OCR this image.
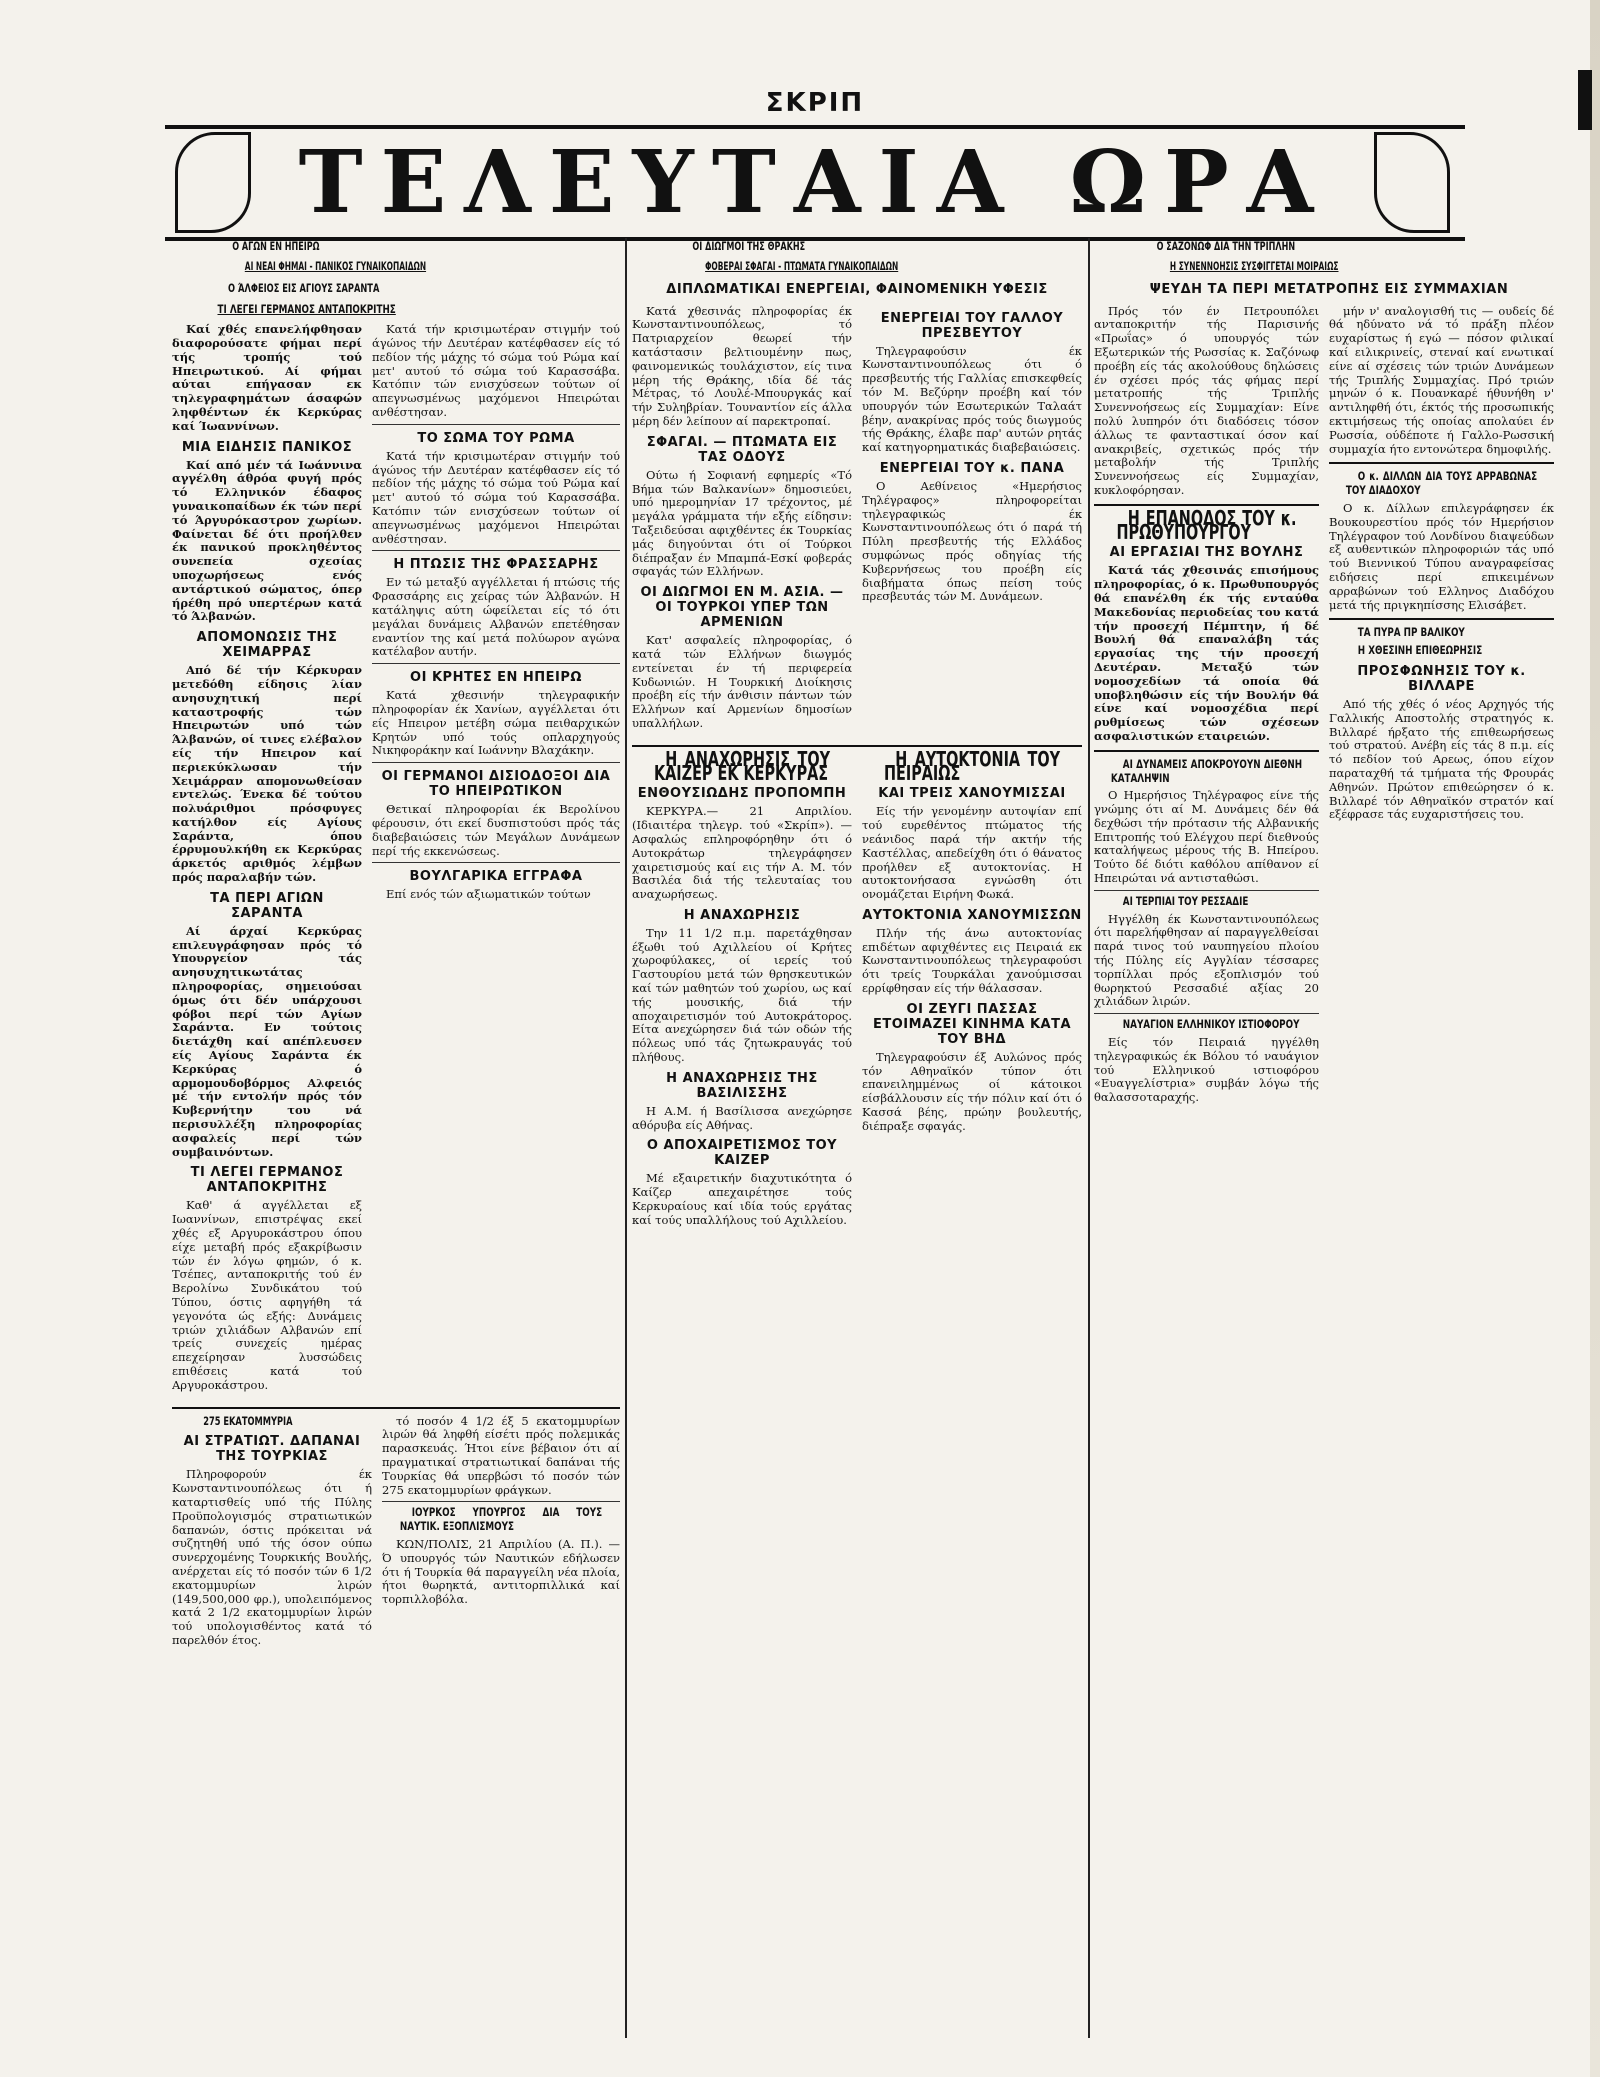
ΣΚΡΙΠ
ΤΕΛΕΥΤΑΙΑ ΩΡΑ

Ο ΑΓΩΝ ΕΝ ΗΠΕΙΡΩ

ΑΙ ΝΕΑΙ ΦΗΜΑΙ - ΠΑΝΙΚΟΣ ΓΥΝΑΙΚΟΠΑΙΔΩΝ

Ο ΆΛΦΕΙΟΣ ΕΙΣ ΑΓΙΟΥΣ ΣΑΡΑΝΤΑ

ΤΙ ΛΕΓΕΙ ΓΕΡΜΑΝΟΣ ΑΝΤΑΠΟΚΡΙΤΗΣ

Καί χθές επανελήφθησαν διαφορούσατε φήμαι περί τής τροπής τού Ηπειρωτικού. Αί φήμαι αύται επήγασαν εκ τηλεγραφημάτων άσαφών ληφθέντων έκ Κερκύρας καί Ίωαννίνων.

ΜΙΑ ΕΙΔΗΣΙΣ ΠΑΝΙΚΟΣ

Καί από μέν τά Ιωάννινα αγγέλθη άθρόα φυγή πρός τό Ελληνικόν έδαφος γυναικοπαίδων έκ τών περί τό Άργυρόκαστρον χωρίων. Φαίνεται δέ ότι προήλθεν έκ πανικού προκληθέντος συνεπεία σχεσίας υποχωρήσεως ενός αντάρτικού σώματος, όπερ ήρέθη πρό υπερτέρων κατά τό Άλβανών.

ΑΠΟΜΟΝΩΣΙΣ ΤΗΣ ΧΕΙΜΑΡΡΑΣ

Από δέ τήν Κέρκυραν μετεδόθη είδησις λίαν ανησυχητική περί καταστροφής τών Ηπειρωτών υπό τών Άλβανών, οί τινες ελέβαλον είς τήν Ηπειρον καί περιεκύκλωσαν τήν Χειμάρραν απομονωθείσαν εντελώς. Ένεκα δέ τούτου πολυάριθμοι πρόσφυγες κατήλθον είς Αγίους Σαράντα, όπου έρρυμουλκήθη εκ Κερκύρας άρκετός αριθμός λέμβων πρός παραλαβήν τών.

ΤΑ ΠΕΡΙ ΑΓΙΩΝ ΣΑΡΑΝΤΑ

Αί άρχαί Κερκύρας επιλευγράφησαν πρός τό Υπουργείον τάς ανησυχητικωτάτας πληροφορίας, σημειούσαι όμως ότι δέν υπάρχουσι φόβοι περί τών Αγίων Σαράντα. Εν τούτοις διετάχθη καί απέπλευσεν είς Αγίους Σαράντα έκ Κερκύρας ό αρμομουδοβόρμος Αλφειός μέ τήν εντολήν πρός τόν Κυβερνήτην του νά περισυλλέξη πληροφορίας ασφαλείς περί τών συμβαινόντων.

ΤΙ ΛΕΓΕΙ ΓΕΡΜΑΝΟΣ ΑΝΤΑΠΟΚΡΙΤΗΣ

Καθ' ά αγγέλλεται εξ Ιωαννίνων, επιστρέψας εκεί χθές εξ Αργυροκάστρου όπου είχε μεταβή πρός εξακρίβωσιν τών έν λόγω φημών, ό κ. Τσέπες, ανταποκριτής τού έν Βερολίνω Συνδικάτου τού Τύπου, όστις αφηγήθη τά γεγονότα ώς εξής: Δυνάμεις τριών χιλιάδων Αλβανών επί τρείς συνεχείς ημέρας επεχείρησαν λυσσώδεις επιθέσεις κατά τού Αργυροκάστρου.

Κατά τήν κρισιμωτέραν στιγμήν τού άγώνος τήν Δευτέραν κατέφθασεν είς τό πεδίον τής μάχης τό σώμα τού Ρώμα καί μετ' αυτού τό σώμα τού Καρασσάβα. Κατόπιν τών ενισχύσεων τούτων οί απεγνωσμένως μαχόμενοι Ηπειρώται ανθέστησαν.

ΤΟ ΣΩΜΑ ΤΟΥ ΡΩΜΑ

Κατά τήν κρισιμωτέραν στιγμήν τού άγώνος τήν Δευτέραν κατέφθασεν είς τό πεδίον τής μάχης τό σώμα τού Ρώμα καί μετ' αυτού τό σώμα τού Καρασσάβα. Κατόπιν τών ενισχύσεων τούτων οί απεγνωσμένως μαχόμενοι Ηπειρώται ανθέστησαν.

Η ΠΤΩΣΙΣ ΤΗΣ ΦΡΑΣΣΑΡΗΣ

Εν τώ μεταξύ αγγέλλεται ή πτώσις τής Φρασσάρης εις χείρας τών Άλβανών. Η κατάληψις αύτη ώφείλεται είς τό ότι μεγάλαι δυνάμεις Αλβανών επετέθησαν εναντίον της καί μετά πολύωρον αγώνα κατέλαβον αυτήν.

ΟΙ ΚΡΗΤΕΣ ΕΝ ΗΠΕΙΡΩ

Κατά χθεσινήν τηλεγραφικήν πληροφορίαν έκ Χανίων, αγγέλλεται ότι είς Ηπειρον μετέβη σώμα πειθαρχικών Κρητών υπό τούς οπλαρχηγούς Νικηφοράκην καί Ιωάννην Βλαχάκην.

ΟΙ ΓΕΡΜΑΝΟΙ ΔΙΣΙΟΔΟΞΟΙ ΔΙΑ ΤΟ ΗΠΕΙΡΩΤΙΚΟΝ

Θετικαί πληροφορίαι έκ Βερολίνου φέρουσιν, ότι εκεί δυσπιστούσι πρός τάς διαβεβαιώσεις τών Μεγάλων Δυνάμεων περί τής εκκενώσεως.

ΒΟΥΛΓΑΡΙΚΑ ΕΓΓΡΑΦΑ

Επί ενός τών αξιωματικών τούτων

275 ΕΚΑΤΟΜΜΥΡΙΑ

ΑΙ ΣΤΡΑΤΙΩΤ. ΔΑΠΑΝΑΙ ΤΗΣ ΤΟΥΡΚΙΑΣ

Πληροφορούν έκ Κωνσταντινουπόλεως ότι ή καταρτισθείς υπό τής Πύλης Προϋπολογισμός στρατιωτικών δαπανών, όστις πρόκειται νά συζητηθή υπό τής όσον ούπω συνερχομένης Τουρκικής Βουλής, ανέρχεται είς τό ποσόν τών 6 1/2 εκατομμυρίων λιρών (149,500,000 φρ.), υπολειπόμενος κατά 2 1/2 εκατομμυρίων λιρών τού υπολογισθέντος κατά τό παρελθόν έτος.

τό ποσόν 4 1/2 έξ 5 εκατομμυρίων λιρών θά ληφθή είσέτι πρός πολεμικάς παρασκευάς. Ήτοι είνε βέβαιον ότι αί πραγματικαί στρατιωτικαί δαπάναι τής Τουρκίας θά υπερβώσι τό ποσόν τών 275 εκατομμυρίων φράγκων.

ΙΟΥΡΚΟΣ ΥΠΟΥΡΓΟΣ ΔΙΑ ΤΟΥΣ ΝΑΥΤΙΚ. ΕΞΟΠΛΙΣΜΟΥΣ

ΚΩΝ/ΠΟΛΙΣ, 21 Απριλίου (Α. Π.). — Ό υπουργός τών Ναυτικών εδήλωσεν ότι ή Τουρκία θά παραγγείλη νέα πλοία, ήτοι θωρηκτά, αντιτορπιλλικά καί τορπιλλοβόλα.

ΟΙ ΔΙΩΓΜΟΙ ΤΗΣ ΘΡΑΚΗΣ

ΦΟΒΕΡΑΙ ΣΦΑΓΑΙ - ΠΤΩΜΑΤΑ ΓΥΝΑΙΚΟΠΑΙΔΩΝ

ΔΙΠΛΩΜΑΤΙΚΑΙ ΕΝΕΡΓΕΙΑΙ, ΦΑΙΝΟΜΕΝΙΚΗ ΥΦΕΣΙΣ

Κατά χθεσινάς πληροφορίας έκ Κωνσταντινουπόλεως, τό Πατριαρχείον θεωρεί τήν κατάστασιν βελτιουμένην πως, φαινομενικώς τουλάχιστον, είς τινα μέρη τής Θράκης, ιδία δέ τάς Μέτρας, τό Λουλέ-Μπουργκάς καί τήν Συληβρίαν. Τουναντίον είς άλλα μέρη δέν λείπουν αί παρεκτροπαί.

ΣΦΑΓΑΙ. — ΠΤΩΜΑΤΑ ΕΙΣ ΤΑΣ ΟΔΟΥΣ

Ούτω ή Σοφιανή εφημερίς «Τό Βήμα τών Βαλκανίων» δημοσιεύει, υπό ημερομηνίαν 17 τρέχοντος, μέ μεγάλα γράμματα τήν εξής είδησιν: Ταξειδεύσαι αφιχθέντες έκ Τουρκίας μάς διηγούνται ότι οί Τούρκοι διέπραξαν έν Μπαμπά-Εσκί φοβεράς σφαγάς τών Ελλήνων.

ΟΙ ΔΙΩΓΜΟΙ ΕΝ Μ. ΑΣΙΑ. — ΟΙ ΤΟΥΡΚΟΙ ΥΠΕΡ ΤΩΝ ΑΡΜΕΝΙΩΝ

Κατ' ασφαλείς πληροφορίας, ό κατά τών Ελλήνων διωγμός εντείνεται έν τή περιφερεία Κυδωνιών. Η Τουρκική Διοίκησις προέβη είς τήν άνθισιν πάντων τών Ελλήνων καί Αρμενίων δημοσίων υπαλλήλων.

ΕΝΕΡΓΕΙΑΙ ΤΟΥ ΓΑΛΛΟΥ ΠΡΕΣΒΕΥΤΟΥ

Τηλεγραφούσιν έκ Κωνσταντινουπόλεως ότι ό πρεσβευτής τής Γαλλίας επισκεφθείς τόν Μ. Βεζύρην προέβη καί τόν υπουργόν τών Εσωτερικών Ταλαάτ βέην, ανακρίνας πρός τούς διωγμούς τής Θράκης, έλαβε παρ' αυτών ρητάς καί κατηγορηματικάς διαβεβαιώσεις.

ΕΝΕΡΓΕΙΑΙ ΤΟΥ κ. ΠΑΝΑ

Ο Αεθίνειος «Ημερήσιος Τηλέγραφος» πληροφορείται τηλεγραφικώς έκ Κωνσταντινουπόλεως ότι ό παρά τή Πύλη πρεσβευτής τής Ελλάδος συμφώνως πρός οδηγίας τής Κυβερνήσεως του προέβη είς διαβήματα όπως πείση τούς πρεσβευτάς τών Μ. Δυνάμεων.

Η ΑΝΑΧΩΡΗΣΙΣ ΤΟΥ ΚΑΙΖΕΡ ΕΚ ΚΕΡΚΥΡΑΣ

ΕΝΘΟΥΣΙΩΔΗΣ ΠΡΟΠΟΜΠΗ

ΚΕΡΚΥΡΑ.— 21 Απριλίου. (Ιδιαιτέρα τηλεγρ. τού «Σκρίπ»). — Ασφαλώς επληροφόρηθην ότι ό Αυτοκράτωρ τηλεγράφησεν χαιρετισμούς καί εις τήν Α. Μ. τόν Βασιλέα διά τής τελευταίας του αναχωρήσεως.

Η ΑΝΑΧΩΡΗΣΙΣ

Την 11 1/2 π.μ. παρετάχθησαν έξωθι τού Αχιλλείου οί Κρήτες χωροφύλακες, οί ιερείς τού Γαστουρίου μετά τών θρησκευτικών καί τών μαθητών τού χωρίου, ως καί τής μουσικής, διά τήν αποχαιρετισμόν τού Αυτοκράτορος. Είτα ανεχώρησεν διά τών οδών τής πόλεως υπό τάς ζητωκραυγάς τού πλήθους.

Η ΑΝΑΧΩΡΗΣΙΣ ΤΗΣ ΒΑΣΙΛΙΣΣΗΣ

Η Α.Μ. ή Βασίλισσα ανεχώρησε αθόρυβα είς Αθήνας.

Ο ΑΠΟΧΑΙΡΕΤΙΣΜΟΣ ΤΟΥ ΚΑΙΖΕΡ

Μέ εξαιρετικήν διαχυτικότητα ό Καίζερ απεχαιρέτησε τούς Κερκυραίους καί ιδία τούς εργάτας καί τούς υπαλλήλους τού Αχιλλείου.

Η ΑΥΤΟΚΤΟΝΙΑ ΤΟΥ ΠΕΙΡΑΙΩΣ

ΚΑΙ ΤΡΕΙΣ ΧΑΝΟΥΜΙΣΣΑΙ

Είς τήν γενομένην αυτοψίαν επί τού ευρεθέντος πτώματος τής νεάνιδος παρά τήν ακτήν τής Καστέλλας, απεδείχθη ότι ό θάνατος προήλθεν εξ αυτοκτονίας. Η αυτοκτονήσασα εγνώσθη ότι ονομάζεται Ειρήνη Φωκά.

ΑΥΤΟΚΤΟΝΙΑ ΧΑΝΟΥΜΙΣΣΩΝ

Πλήν τής άνω αυτοκτονίας επιδέτων αφιχθέντες εις Πειραιά εκ Κωνσταντινουπόλεως τηλεγραφούσι ότι τρείς Τουρκάλαι χανούμισσαι ερρίφθησαν είς τήν θάλασσαν.

ΟΙ ΖΕΥΓΙ ΠΑΣΣΑΣ ΕΤΟΙΜΑΖΕΙ ΚΙΝΗΜΑ ΚΑΤΑ ΤΟΥ ΒΗΔ

Τηλεγραφούσιν έξ Αυλώνος πρός τόν Αθηναϊκόν τύπον ότι επανειλημμένως οί κάτοικοι είσβάλλουσιν είς τήν πόλιν καί ότι ό Κασσά βέης, πρώην βουλευτής, διέπραξε σφαγάς.

Ο ΣΑΖΟΝΩΦ ΔΙΑ ΤΗΝ ΤΡΙΠΛΗΝ

Η ΣΥΝΕΝΝΟΗΣΙΣ ΣΥΣΦΙΓΓΕΤΑΙ ΜΟΙΡΑΙΩΣ

ΨΕΥΔΗ ΤΑ ΠΕΡΙ ΜΕΤΑΤΡΟΠΗΣ ΕΙΣ ΣΥΜΜΑΧΙΑΝ

Πρός τόν έν Πετρουπόλει ανταποκριτήν τής Παρισινής «Πρωΐας» ό υπουργός τών Εξωτερικών τής Ρωσσίας κ. Σαζόνωφ προέβη είς τάς ακολούθους δηλώσεις έν σχέσει πρός τάς φήμας περί μετατροπής τής Τριπλής Συνεννοήσεως είς Συμμαχίαν: Είνε πολύ λυπηρόν ότι διαδόσεις τόσον άλλως τε φανταστικαί όσον καί ανακριβείς, σχετικώς πρός τήν μεταβολήν τής Τριπλής Συνεννοήσεως είς Συμμαχίαν, κυκλοφόρησαν.

Η ΕΠΑΝΟΔΟΣ ΤΟΥ κ. ΠΡΩΘΥΠΟΥΡΓΟΥ

ΑΙ ΕΡΓΑΣΙΑΙ ΤΗΣ ΒΟΥΛΗΣ

Κατά τάς χθεσινάς επισήμους πληροφορίας, ό κ. Πρωθυπουργός θά επανέλθη έκ τής ενταύθα Μακεδονίας περιοδείας του κατά τήν προσεχή Πέμπτην, ή δέ Βουλή θά επαναλάβη τάς εργασίας της τήν προσεχή Δευτέραν. Μεταξύ τών νομοσχεδίων τά οποία θά υποβληθώσιν είς τήν Βουλήν θά είνε καί νομοσχέδια περί ρυθμίσεως τών σχέσεων ασφαλιστικών εταιρειών.

ΑΙ ΔΥΝΑΜΕΙΣ ΑΠΟΚΡΟΥΟΥΝ ΔΙΕΘΝΗ ΚΑΤΑΛΗΨΙΝ

Ο Ημερήσιος Τηλέγραφος είνε τής γνώμης ότι αί Μ. Δυνάμεις δέν θά δεχθώσι τήν πρότασιν τής Αλβανικής Επιτροπής τού Ελέγχου περί διεθνούς καταλήψεως μέρους τής Β. Ηπείρου. Τούτο δέ διότι καθόλου απίθανον εί Ηπειρώται νά αντισταθώσι.

ΑΙ ΤΕΡΠΙΑΙ ΤΟΥ ΡΕΣΣΑΔΙΕ

Ηγγέλθη έκ Κωνσταντινουπόλεως ότι παρελήφθησαν αί παραγγελθείσαι παρά τινος τού ναυπηγείου πλοίου τής Πύλης είς Αγγλίαν τέσσαρες τορπίλλαι πρός εξοπλισμόν τού θωρηκτού Ρεσσαδιέ αξίας 20 χιλιάδων λιρών.

ΝΑΥΑΓΙΟΝ ΕΛΛΗΝΙΚΟΥ ΙΣΤΙΟΦΟΡΟΥ

Είς τόν Πειραιά ηγγέλθη τηλεγραφικώς έκ Βόλου τό ναυάγιον τού Ελληνικού ιστιοφόρου «Ευαγγελίστρια» συμβάν λόγω τής θαλασσοταραχής.

μήν ν' αναλογισθή τις — ουδείς δέ θά ηδύνατο νά τό πράξη πλέον ευχαρίστως ή εγώ — πόσον φιλικαί καί ειλικρινείς, στεναί καί ενωτικαί είνε αί σχέσεις τών τριών Δυνάμεων τής Τριπλής Συμμαχίας. Πρό τριών μηνών ό κ. Πουανκαρέ ήθυνήθη ν' αντιληφθή ότι, έκτός τής προσωπικής εκτιμήσεως τής οποίας απολαύει έν Ρωσσία, ούδέποτε ή Γαλλο-Ρωσσική συμμαχία ήτο εντονώτερα δημοφιλής.

Ο κ. ΔΙΛΛΩΝ ΔΙΑ ΤΟΥΣ ΑΡΡΑΒΩΝΑΣ ΤΟΥ ΔΙΑΔΟΧΟΥ

Ο κ. Δίλλων επιλεγράφησεν έκ Βουκουρεστίου πρός τόν Ημερήσιον Τηλέγραφον τού Λονδίνου διαψεύδων εξ αυθεντικών πληροφοριών τάς υπό τού Βιεννικού Τύπου αναγραφείσας ειδήσεις περί επικειμένων αρραβώνων τού Ελληνος Διαδόχου μετά τής πριγκηπίσσης Ελισάβετ.

ΤΑ ΠΥΡΑ ΠΡ ΒΑΛΙΚΟΥ

Η ΧΘΕΣΙΝΗ ΕΠΙΘΕΩΡΗΣΙΣ

ΠΡΟΣΦΩΝΗΣΙΣ ΤΟΥ κ. ΒΙΛΛΑΡΕ

Από τής χθές ό νέος Αρχηγός τής Γαλλικής Αποστολής στρατηγός κ. Βιλλαρέ ήρξατο τής επιθεωρήσεως τού στρατού. Ανέβη είς τάς 8 π.μ. είς τό πεδίον τού Αρεως, όπου είχον παραταχθή τά τμήματα τής Φρουράς Αθηνών. Πρώτον επιθεώρησεν ό κ. Βιλλαρέ τόν Αθηναϊκόν στρατόν καί εξέφρασε τάς ευχαριστήσεις του.
